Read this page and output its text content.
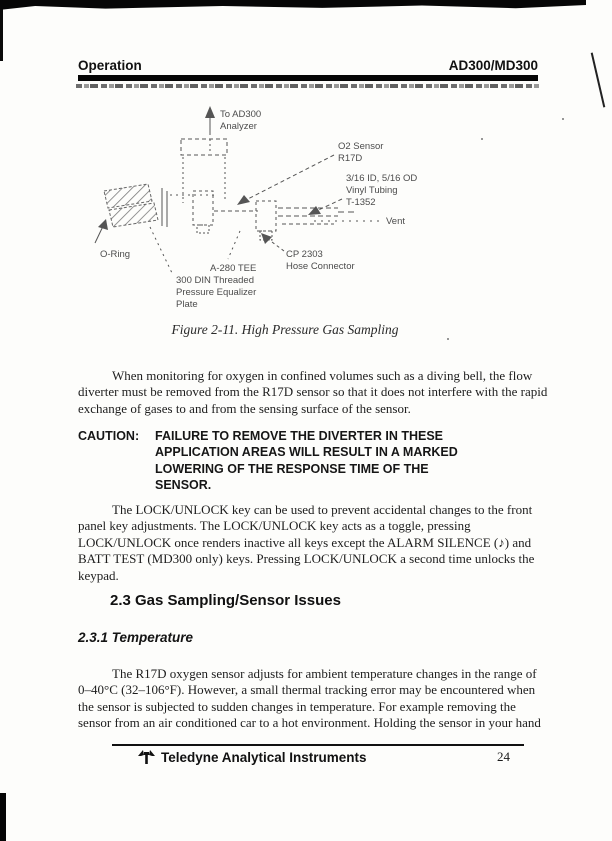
Operation	AD300/MD300
To AD300
Analyzer
O2 Sensor
R17D
3/16 ID, 5/16 OD
Vinyl Tubing
T-1352
Vent
O-Ring
A-280 TEE
CP 2303
Hose Connector
300 DIN Threaded
Pressure Equalizer
Plate
Figure 2-11. High Pressure Gas Sampling

When monitoring for oxygen in confined volumes such as a diving bell, the flow diverter must be removed from the R17D sensor so that it does not interfere with the rapid exchange of gases to and from the sensing surface of the sensor.

CAUTION:	FAILURE TO REMOVE THE DIVERTER IN THESE APPLICATION AREAS WILL RESULT IN A MARKED LOWERING OF THE RESPONSE TIME OF THE SENSOR.

The LOCK/UNLOCK key can be used to prevent accidental changes to the front panel key adjustments. The LOCK/UNLOCK key acts as a toggle, pressing LOCK/UNLOCK once renders inactive all keys except the ALARM SILENCE (♪) and BATT TEST (MD300 only) keys. Pressing LOCK/UNLOCK a second time unlocks the keypad.

2.3 Gas Sampling/Sensor Issues
2.3.1 Temperature

The R17D oxygen sensor adjusts for ambient temperature changes in the range of 0–40°C (32–106°F). However, a small thermal tracking error may be encountered when the sensor is subjected to sudden changes in temperature. For example removing the sensor from an air conditioned car to a hot environment. Holding the sensor in your hand

Teledyne Analytical Instruments	24
